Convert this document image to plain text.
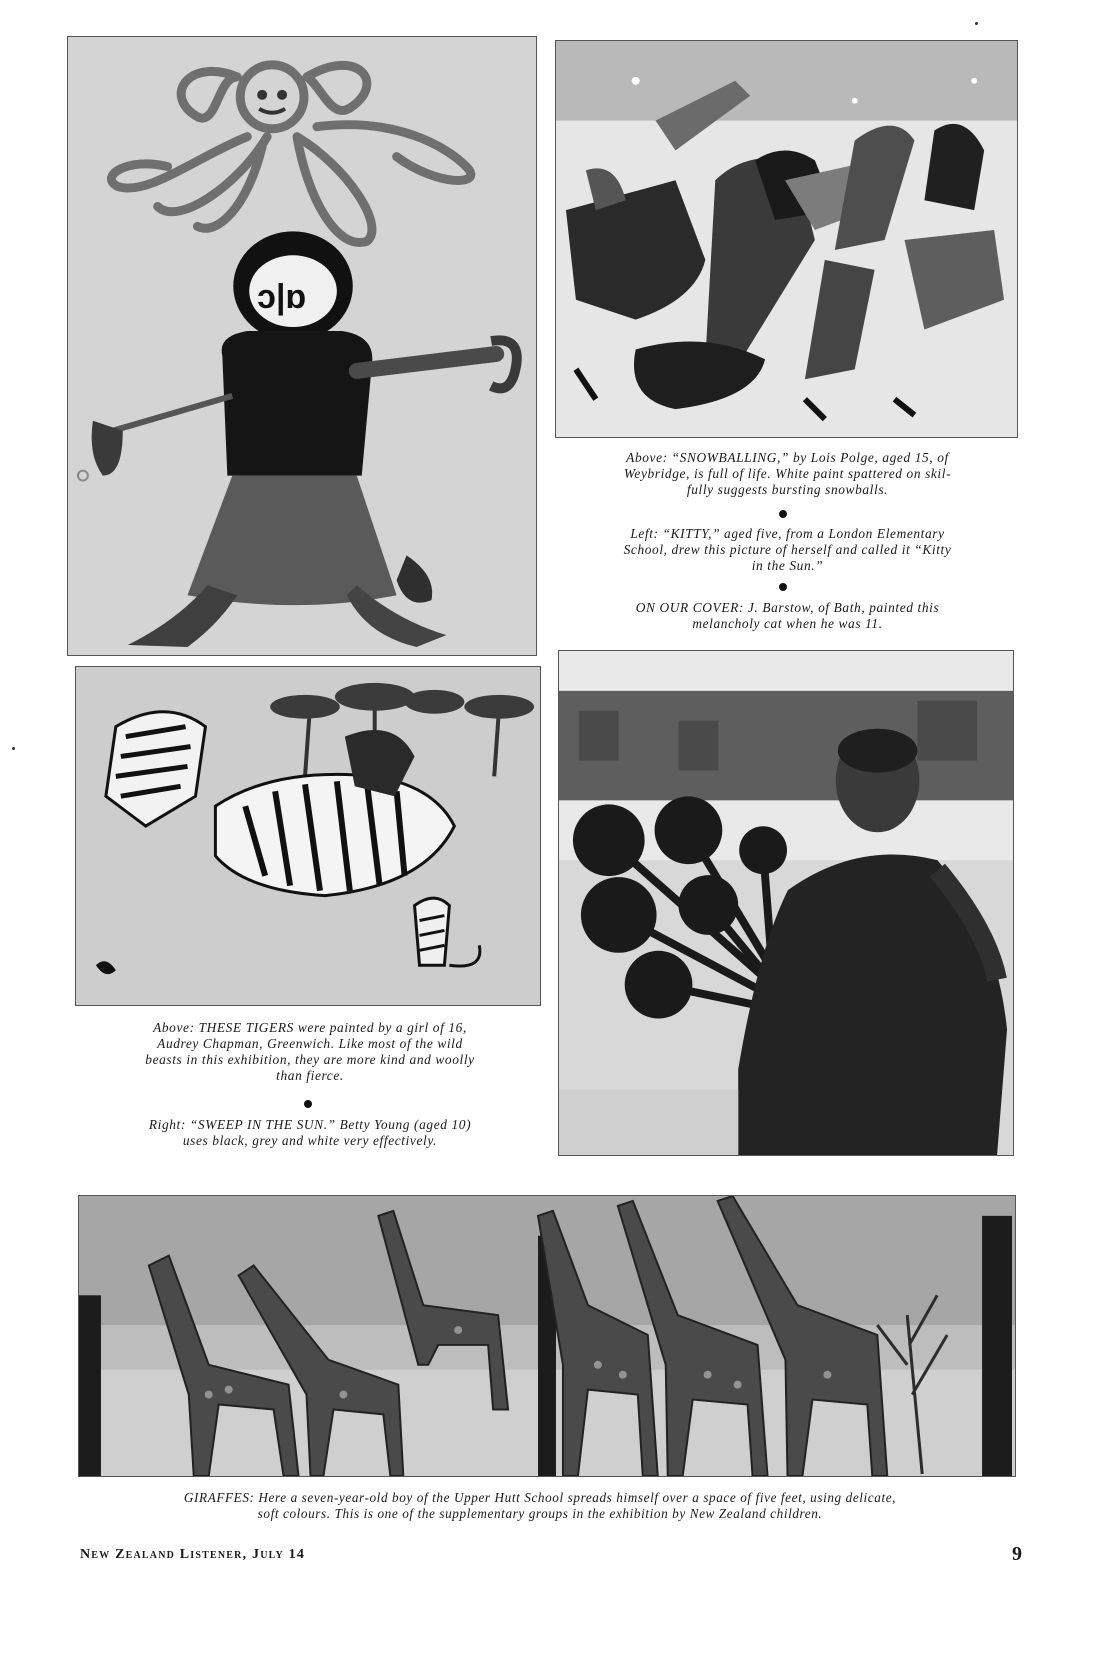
ɔ|ɒ
Above: “SNOWBALLING,” by Lois Polge, aged 15, of
Weybridge, is full of life. White paint spattered on skil-
fully suggests bursting snowballs.
Left: “KITTY,” aged five, from a London Elementary
School, drew this picture of herself and called it “Kitty
in the Sun.”
ON OUR COVER: J. Barstow, of Bath, painted this
melancholy cat when he was 11.
Above: THESE TIGERS were painted by a girl of 16,
Audrey Chapman, Greenwich. Like most of the wild
beasts in this exhibition, they are more kind and woolly
than fierce.
Right: “SWEEP IN THE SUN.” Betty Young (aged 10)
uses black, grey and white very effectively.
GIRAFFES: Here a seven-year-old boy of the Upper Hutt School spreads himself over a space of five feet, using delicate,
soft colours. This is one of the supplementary groups in the exhibition by New Zealand children.
New Zealand Listener, July 14	9
